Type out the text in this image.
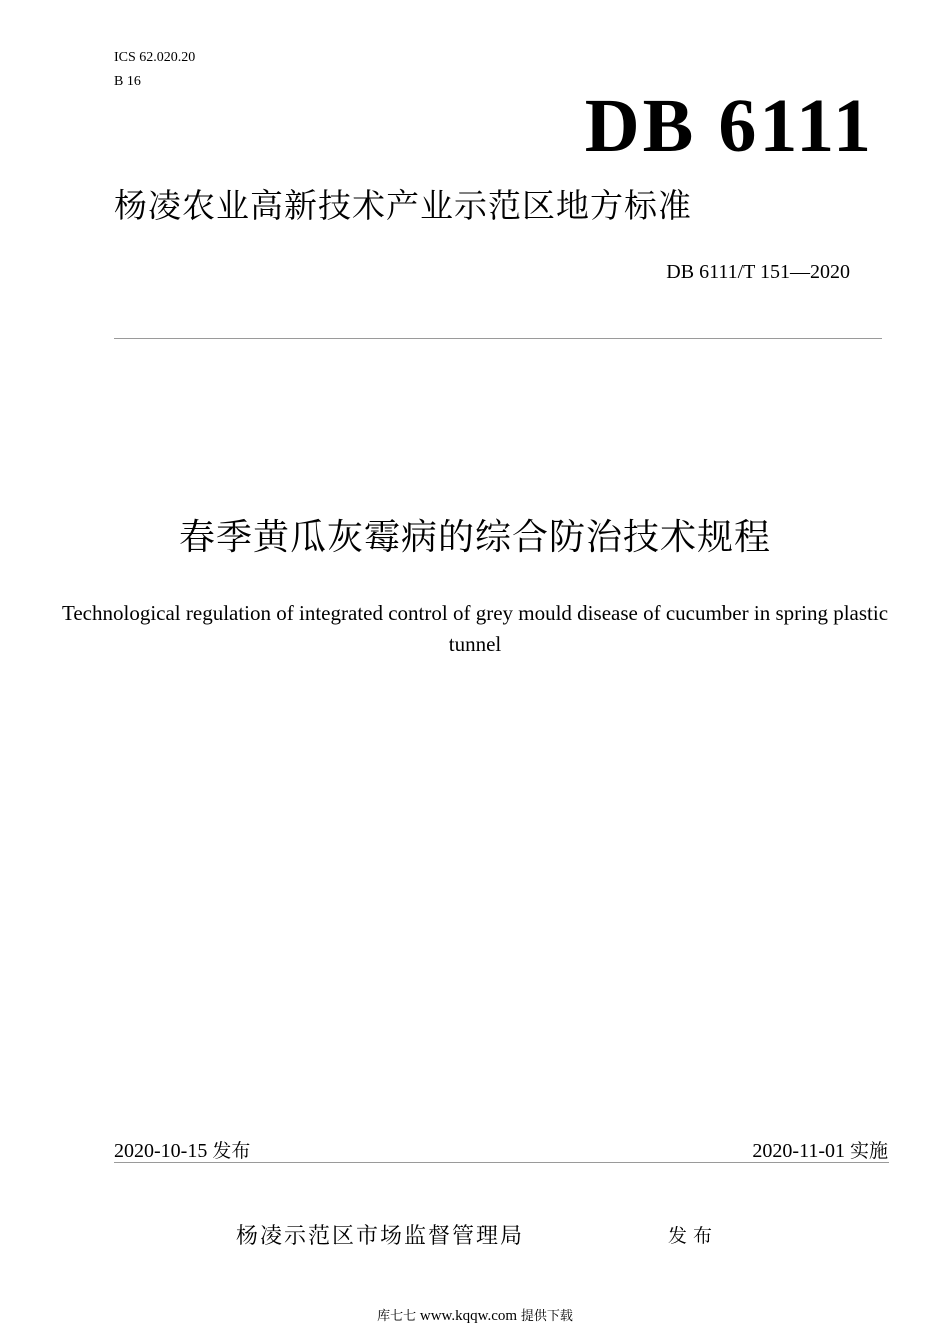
ICS 62.020.20
B 16
DB 6111
杨凌农业高新技术产业示范区地方标准
DB 6111/T 151—2020
春季黄瓜灰霉病的综合防治技术规程
Technological regulation of integrated control of grey mould disease of cucumber in spring plastic tunnel
2020-10-15 发布	2020-11-01 实施
杨凌示范区市场监督管理局	发布
库七七 www.kqqw.com 提供下载
